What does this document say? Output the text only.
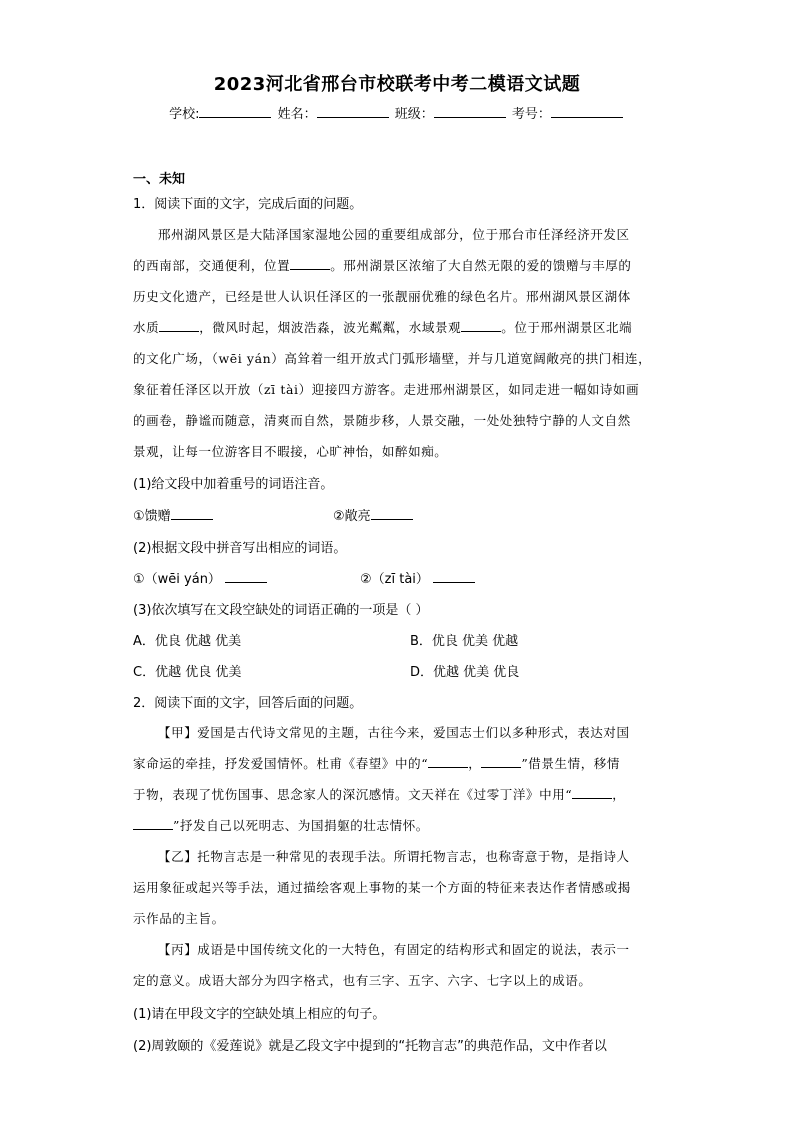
2023河北省邢台市校联考中考二模语文试题
学校:	姓名：	班级：	考号：
一、未知
1．阅读下面的文字，完成后面的问题。
邢州湖风景区是大陆泽国家湿地公园的重要组成部分，位于邢台市任泽经济开发区
的西南部，交通便利，位置	。邢州湖景区浓缩了大自然无限的爱的馈赠与丰厚的
历史文化遗产，已经是世人认识任泽区的一张靓丽优雅的绿色名片。邢州湖风景区湖体
水质	，微风时起，烟波浩淼，波光粼粼，水域景观	。位于邢州湖景区北端
的文化广场，（wēi yán）高耸着一组开放式门弧形墙壁，并与几道宽阔敞亮的拱门相连，
象征着任泽区以开放（zī tài）迎接四方游客。走进邢州湖景区，如同走进一幅如诗如画
的画卷，静谧而随意，清爽而自然，景随步移，人景交融，一处处独特宁静的人文自然
景观，让每一位游客目不暇接，心旷神怡，如醉如痴。
(1)给文段中加着重号的词语注音。
①馈赠	②敞亮
(2)根据文段中拼音写出相应的词语。
①（wēi yán）	②（zī tài）
(3)依次填写在文段空缺处的词语正确的一项是（ ）
A．优良 优越 优美	B．优良 优美 优越
C．优越 优良 优美	D．优越 优美 优良
2．阅读下面的文字，回答后面的问题。
【甲】爱国是古代诗文常见的主题，古往今来，爱国志士们以多种形式，表达对国
家命运的牵挂，抒发爱国情怀。杜甫《春望》中的“	，	”借景生情，移情
于物，表现了忧伤国事、思念家人的深沉感情。文天祥在《过零丁洋》中用“	，
”抒发自己以死明志、为国捐躯的壮志情怀。
【乙】托物言志是一种常见的表现手法。所谓托物言志，也称寄意于物，是指诗人
运用象征或起兴等手法，通过描绘客观上事物的某一个方面的特征来表达作者情感或揭
示作品的主旨。
【丙】成语是中国传统文化的一大特色，有固定的结构形式和固定的说法，表示一
定的意义。成语大部分为四字格式，也有三字、五字、六字、七字以上的成语。
(1)请在甲段文字的空缺处填上相应的句子。
(2)周敦颐的《爱莲说》就是乙段文字中提到的“托物言志”的典范作品，文中作者以
